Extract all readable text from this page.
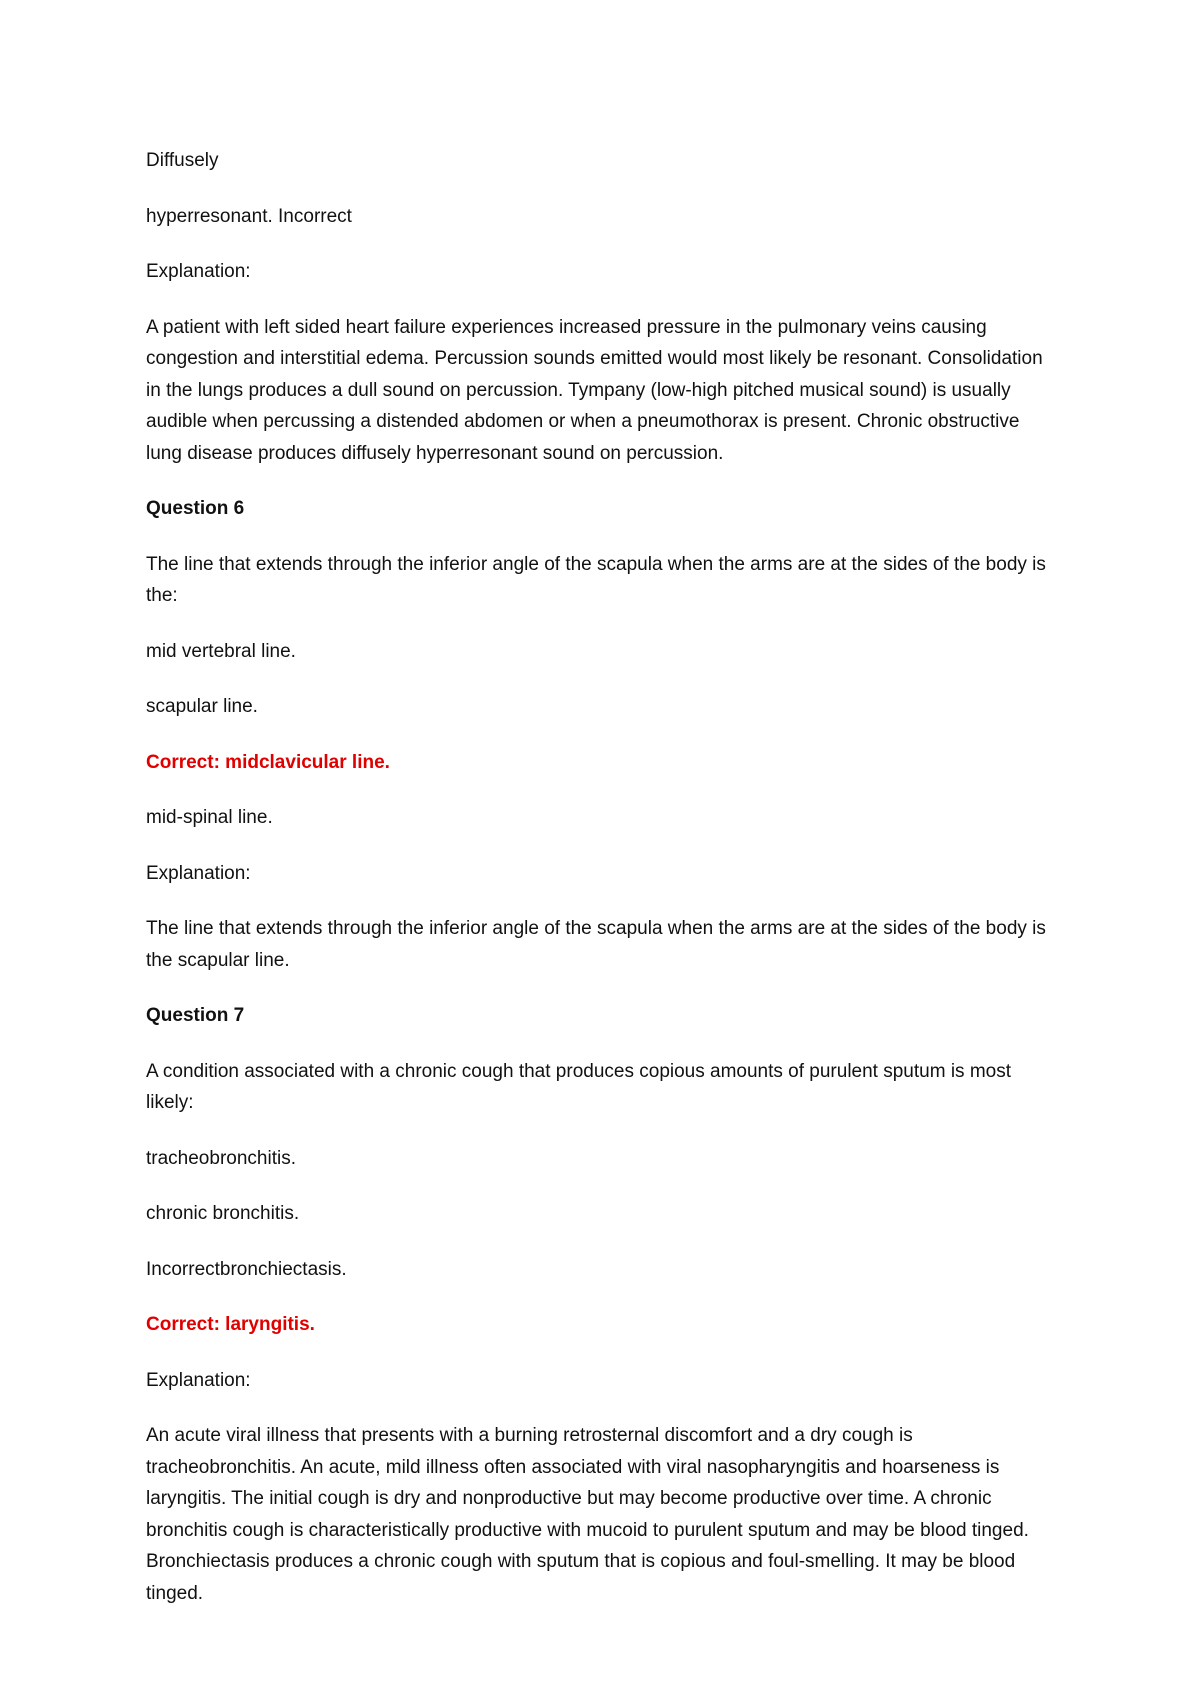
Diffusely

hyperresonant. Incorrect

Explanation:

A patient with left sided heart failure experiences increased pressure in the pulmonary veins causing congestion and interstitial edema. Percussion sounds emitted would most likely be resonant. Consolidation in the lungs produces a dull sound on percussion. Tympany (low-high pitched musical sound) is usually audible when percussing a distended abdomen or when a pneumothorax is present. Chronic obstructive lung disease produces diffusely hyperresonant sound on percussion.

Question 6

The line that extends through the inferior angle of the scapula when the arms are at the sides of the body is the:

mid vertebral line.

scapular line.

Correct: midclavicular line.

mid-spinal line.

Explanation:

The line that extends through the inferior angle of the scapula when the arms are at the sides of the body is the scapular line.

Question 7

A condition associated with a chronic cough that produces copious amounts of purulent sputum is most likely:

tracheobronchitis.

chronic bronchitis.

Incorrectbronchiectasis.

Correct: laryngitis.

Explanation:

An acute viral illness that presents with a burning retrosternal discomfort and a dry cough is tracheobronchitis. An acute, mild illness often associated with viral nasopharyngitis and hoarseness is laryngitis. The initial cough is dry and nonproductive but may become productive over time. A chronic bronchitis cough is characteristically productive with mucoid to purulent sputum and may be blood tinged. Bronchiectasis produces a chronic cough with sputum that is copious and foul-smelling. It may be blood tinged.
